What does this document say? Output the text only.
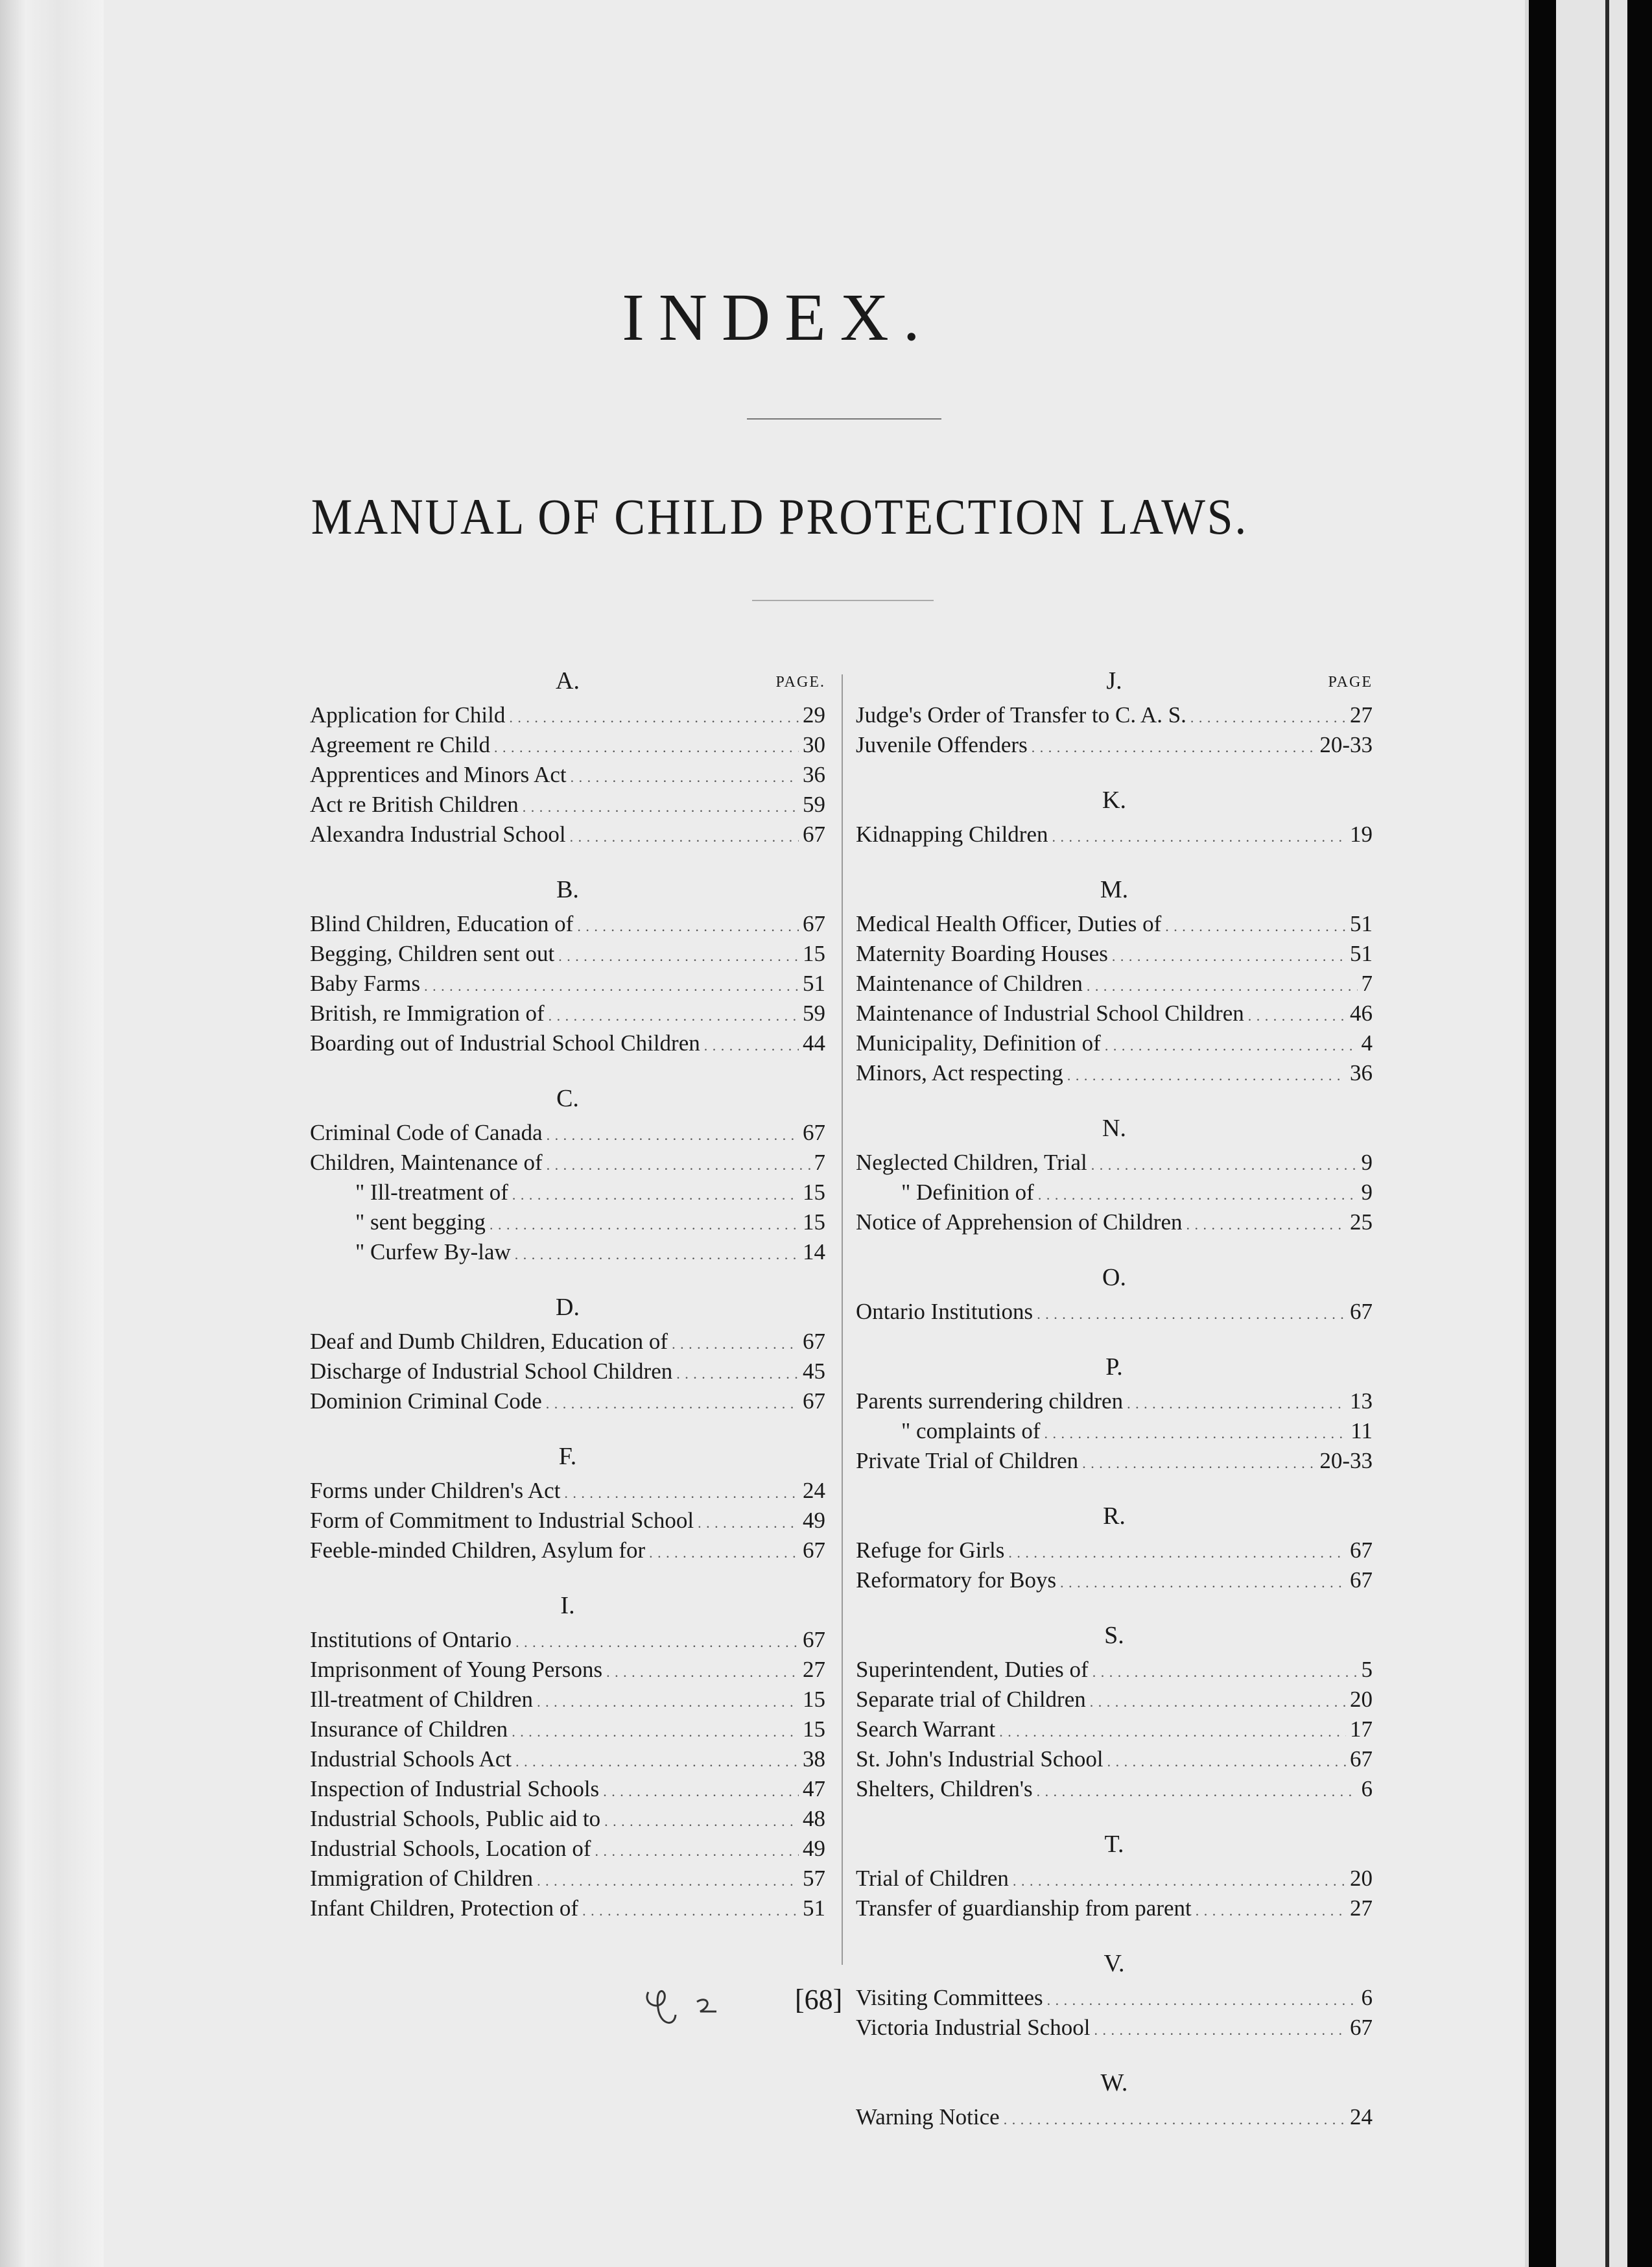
INDEX.
MANUAL OF CHILD PROTECTION LAWS.
A.	PAGE.
Application for Child . . .	29
Agreement re Child . . .	30
Apprentices and Minors Act . . .	36
Act re British Children . . .	59
Alexandra Industrial School . . .	67
B.
Blind Children, Education of . . .	67
Begging, Children sent out . . .	15
Baby Farms . . .	51
British, re Immigration of . . .	59
Boarding out of Industrial School Children . . .	44
C.
Criminal Code of Canada . . .	67
Children, Maintenance of . . .	7
" Ill-treatment of . . .	15
" sent begging . . .	15
" Curfew By-law . . .	14
D.
Deaf and Dumb Children, Education of . . .	67
Discharge of Industrial School Children . . .	45
Dominion Criminal Code . . .	67
F.
Forms under Children's Act . . .	24
Form of Commitment to Industrial School . . .	49
Feeble-minded Children, Asylum for . . .	67
I.
Institutions of Ontario . . .	67
Imprisonment of Young Persons . . .	27
Ill-treatment of Children . . .	15
Insurance of Children . . .	15
Industrial Schools Act . . .	38
Inspection of Industrial Schools . . .	47
Industrial Schools, Public aid to . . .	48
Industrial Schools, Location of . . .	49
Immigration of Children . . .	57
Infant Children, Protection of . . .	51
J.	PAGE
Judge's Order of Transfer to C. A. S. . . .	27
Juvenile Offenders . . .	20-33
K.
Kidnapping Children . . .	19
M.
Medical Health Officer, Duties of . . .	51
Maternity Boarding Houses . . .	51
Maintenance of Children . . .	7
Maintenance of Industrial School Children . . .	46
Municipality, Definition of . . .	4
Minors, Act respecting . . .	36
N.
Neglected Children, Trial . . .	9
" Definition of . . .	9
Notice of Apprehension of Children . . .	25
O.
Ontario Institutions . . .	67
P.
Parents surrendering children . . .	13
" complaints of . . .	11
Private Trial of Children . . .	20-33
R.
Refuge for Girls . . .	67
Reformatory for Boys . . .	67
S.
Superintendent, Duties of . . .	5
Separate trial of Children . . .	20
Search Warrant . . .	17
St. John's Industrial School . . .	67
Shelters, Children's . . .	6
T.
Trial of Children . . .	20
Transfer of guardianship from parent . . .	27
V.
Visiting Committees . . .	6
Victoria Industrial School . . .	67
W.
Warning Notice . . .	24
[68]
